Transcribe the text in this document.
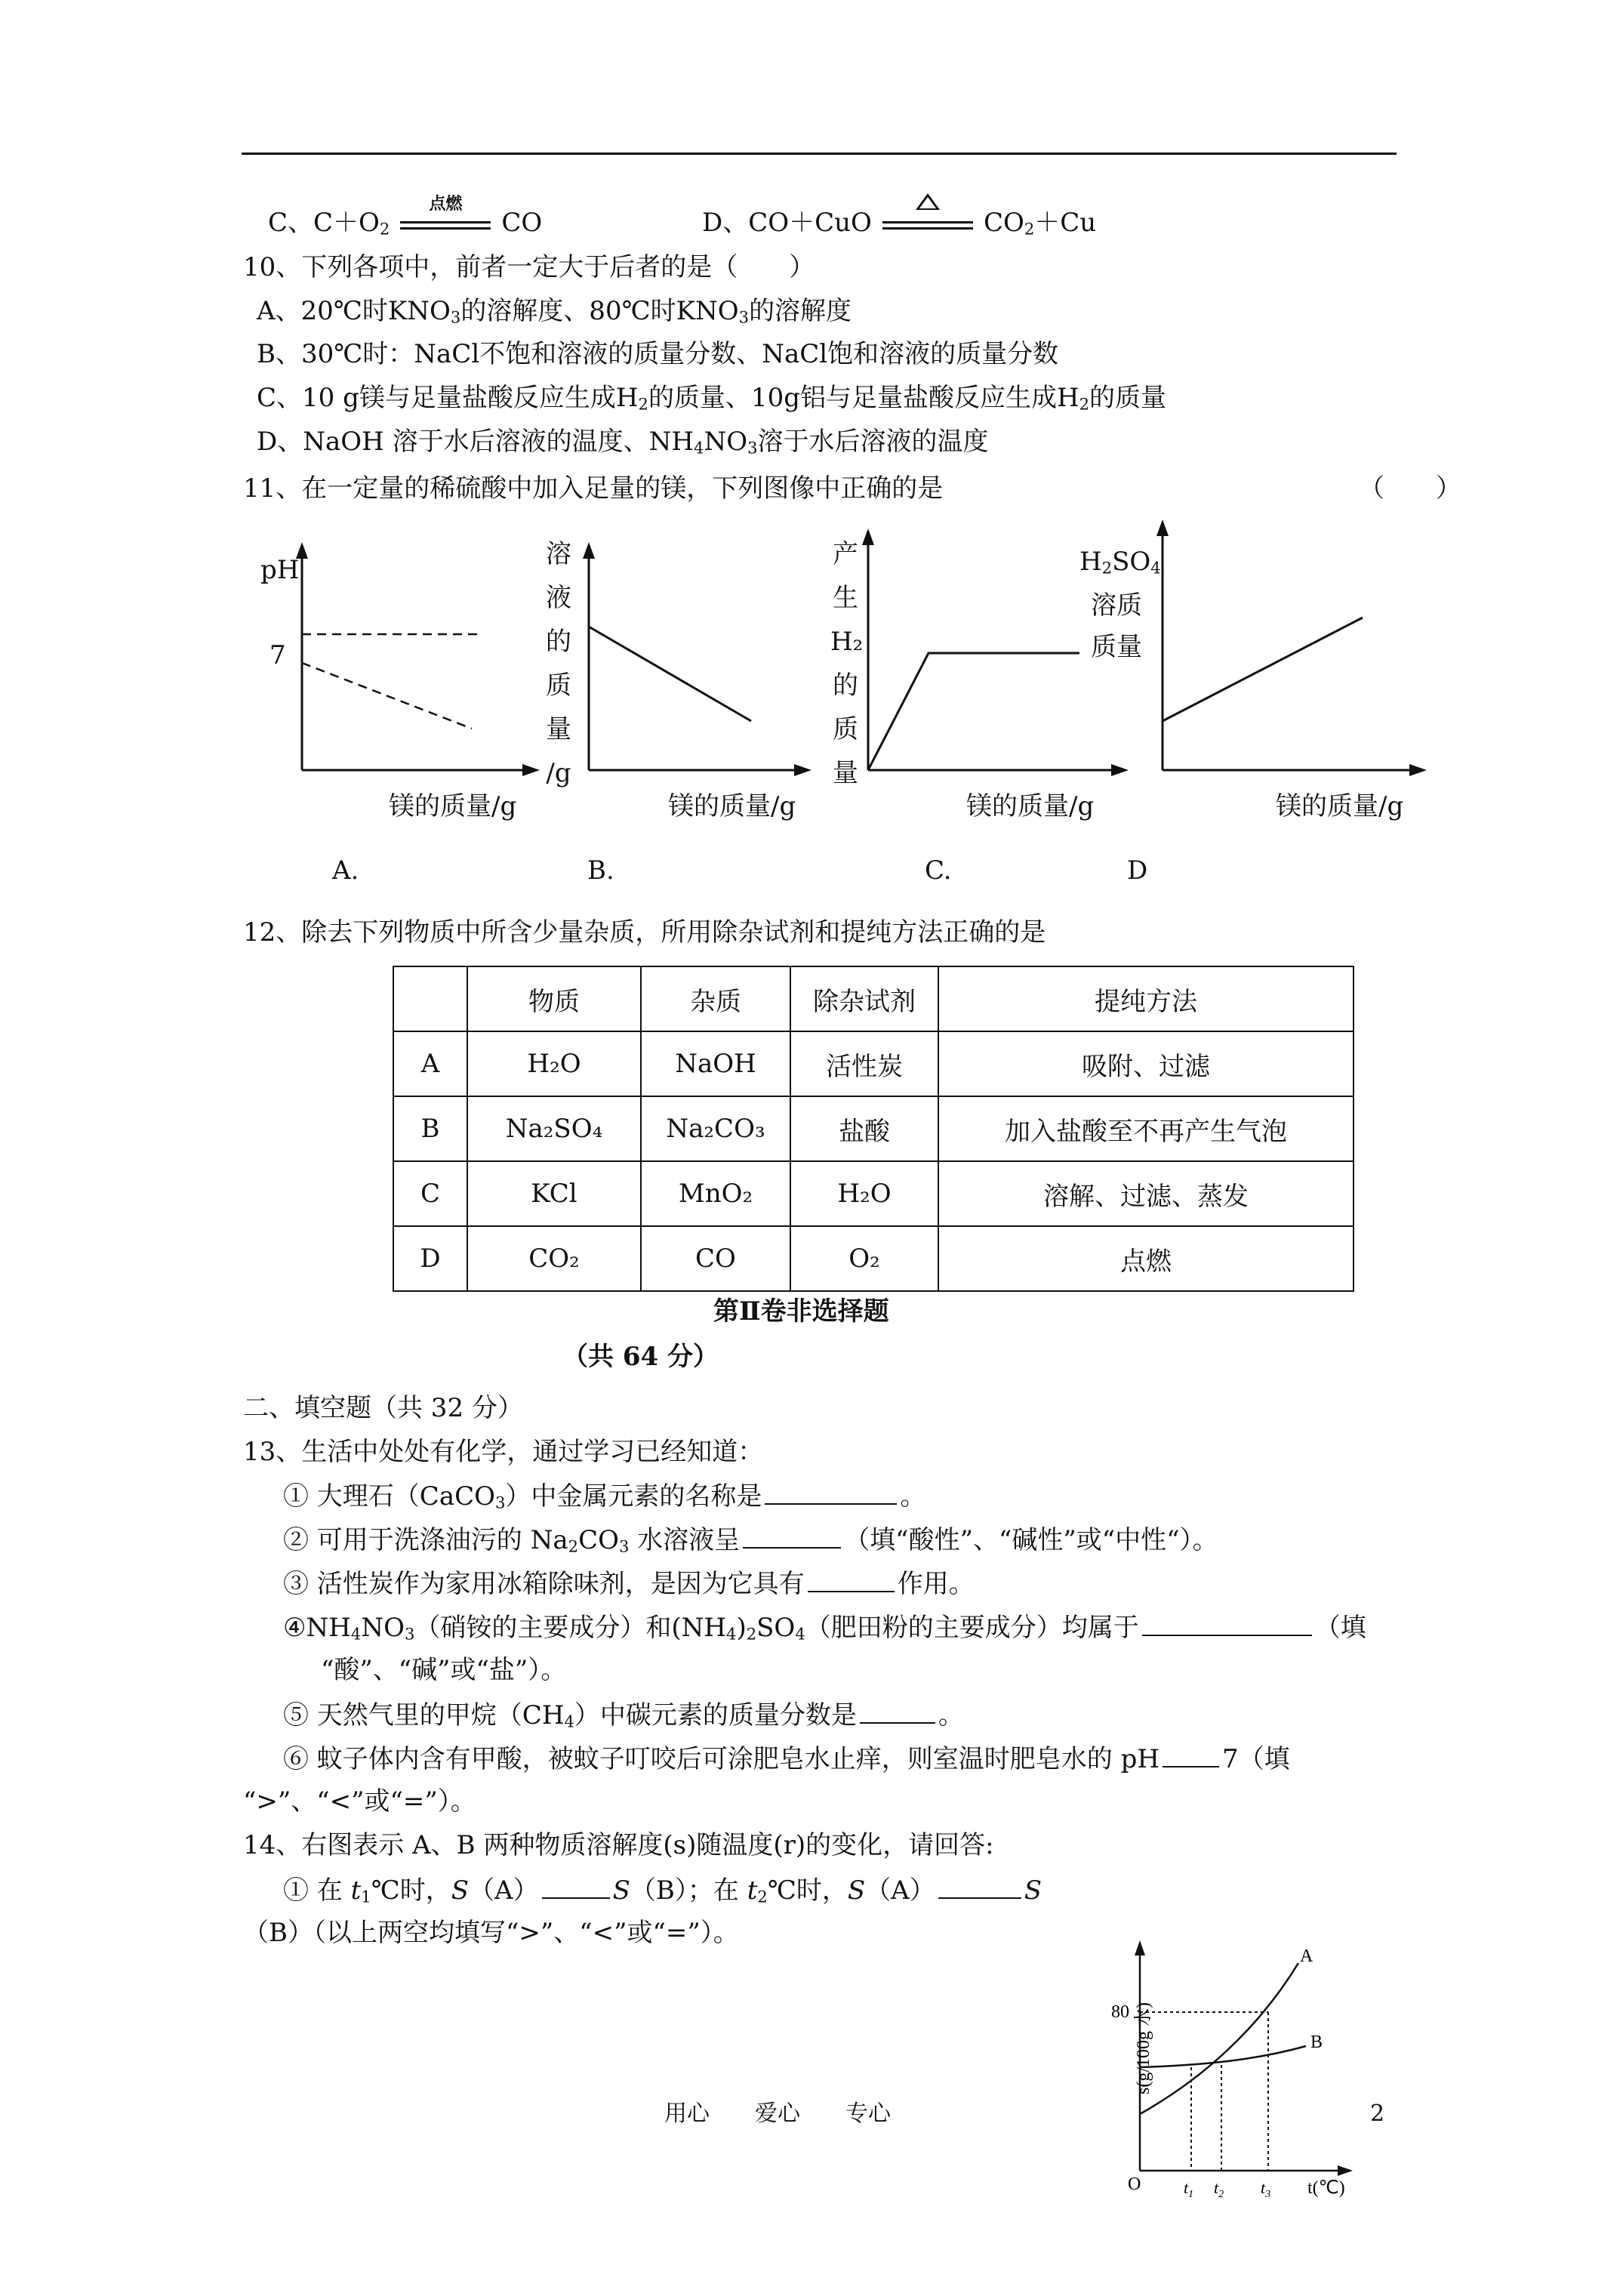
C、$C+O_2$
点燃
CO	D、CO＋CuO	$CO_2+Cu$
10、下列各项中，前者一定大于后者的是（　　）
A、20℃时$KNO_3$的溶解度、80℃时$KNO_3$的溶解度
B、30℃时：NaCl不饱和溶液的质量分数、NaCl饱和溶液的质量分数
C、10 g镁与足量盐酸反应生成$H_2$的质量、10g铝与足量盐酸反应生成$H_2$的质量
D、NaOH 溶于水后溶液的温度、$NH_4NO_3$溶于水后溶液的温度
11、在一定量的稀硫酸中加入足量的镁，下列图像中正确的是	（　　）
pH
7
镁的质量/g
A.
溶
液
的
质
量
/g
镁的质量/g
B.
产
生
H₂
的
质
量
镁的质量/g
C.
$H_2SO_4$
溶质
质量
镁的质量/g
D
12、除去下列物质中所含少量杂质，所用除杂试剂和提纯方法正确的是
	物质	杂质	除杂试剂	提纯方法
A	H₂O	NaOH	活性炭	吸附、过滤
B	Na₂SO₄	Na₂CO₃	盐酸	加入盐酸至不再产生气泡
C	KCl	MnO₂	H₂O	溶解、过滤、蒸发
D	CO₂	CO	O₂	点燃
第Ⅱ卷非选择题
（共 64 分）
二、填空题（共 32 分）
13、生活中处处有化学，通过学习已经知道：
① 大理石（CaCO$_3$）中金属元素的名称是	。
② 可用于洗涤油污的 $Na_2CO_3$ 水溶液呈	（填“酸性”、“碱性”或“中性“）。
③ 活性炭作为家用冰箱除味剂，是因为它具有	作用。
$④NH_4NO_3$（硝铵的主要成分）和$(NH_4)_2SO_4$（肥田粉的主要成分）均属于	（填
“酸”、“碱”或“盐”）。
⑤ 天然气里的甲烷$(CH_4)$中碳元素的质量分数是	。
⑥ 蚊子体内含有甲酸，被蚊子叮咬后可涂肥皂水止痒，则室温时肥皂水的 pH 7（填
“>”、“<”或“=”）。
14、右图表示 A、B 两种物质溶解度(s)随温度(r)的变化，请回答:
① 在 $t_1℃$时，S（A）	S（B）；在 $t_2℃$时，S（A）	S
（B）（以上两空均填写“>”、“<”或“=”）。
s(g/100g 水)
80
A
B
O	$t_1$ $t_2$ $t_3$ t(℃)
用心　　爱心　　专心	2
